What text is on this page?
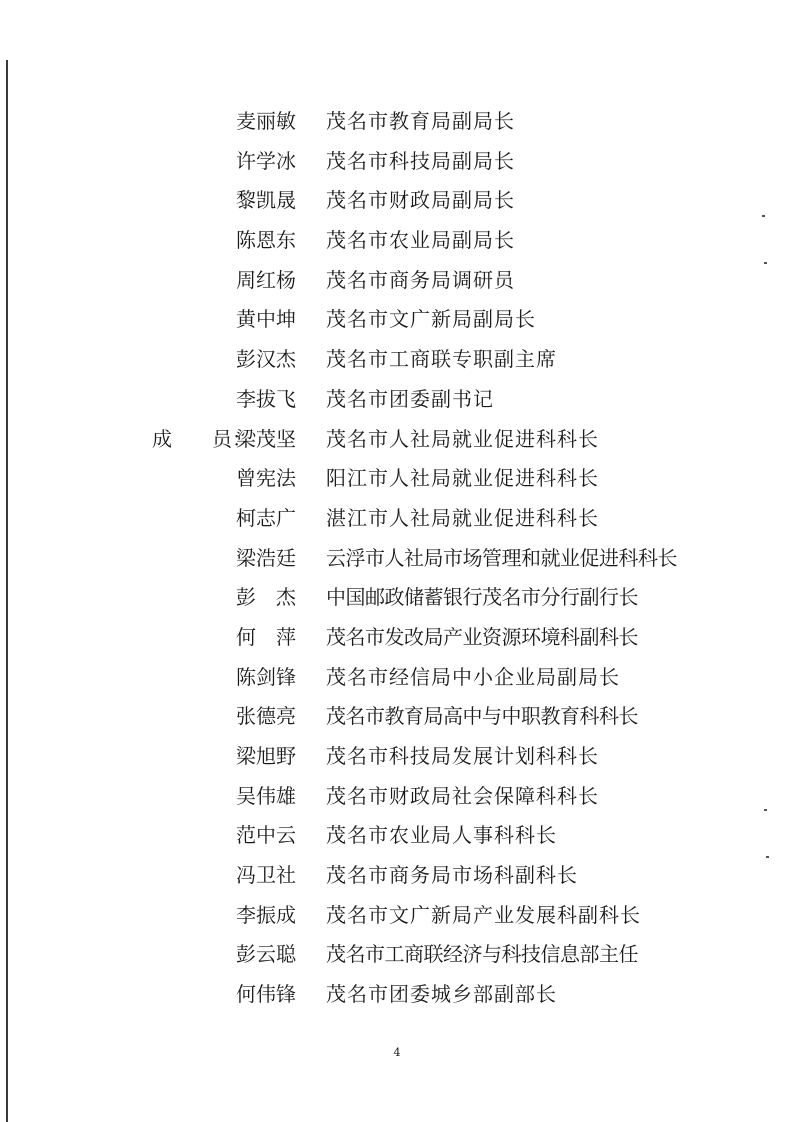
麦丽敏	茂名市教育局副局长
许学冰	茂名市科技局副局长
黎凯晟	茂名市财政局副局长
陈恩东	茂名市农业局副局长
周红杨	茂名市商务局调研员
黄中坤	茂名市文广新局副局长
彭汉杰	茂名市工商联专职副主席
李拔飞	茂名市团委副书记
成　　员：
梁茂坚	茂名市人社局就业促进科科长
曾宪法	阳江市人社局就业促进科科长
柯志广	湛江市人社局就业促进科科长
梁浩廷	云浮市人社局市场管理和就业促进科科长
彭　杰	中国邮政储蓄银行茂名市分行副行长
何　萍	茂名市发改局产业资源环境科副科长
陈剑锋	茂名市经信局中小企业局副局长
张德亮	茂名市教育局高中与中职教育科科长
梁旭野	茂名市科技局发展计划科科长
吴伟雄	茂名市财政局社会保障科科长
范中云	茂名市农业局人事科科长
冯卫社	茂名市商务局市场科副科长
李振成	茂名市文广新局产业发展科副科长
彭云聪	茂名市工商联经济与科技信息部主任
何伟锋	茂名市团委城乡部副部长
4
